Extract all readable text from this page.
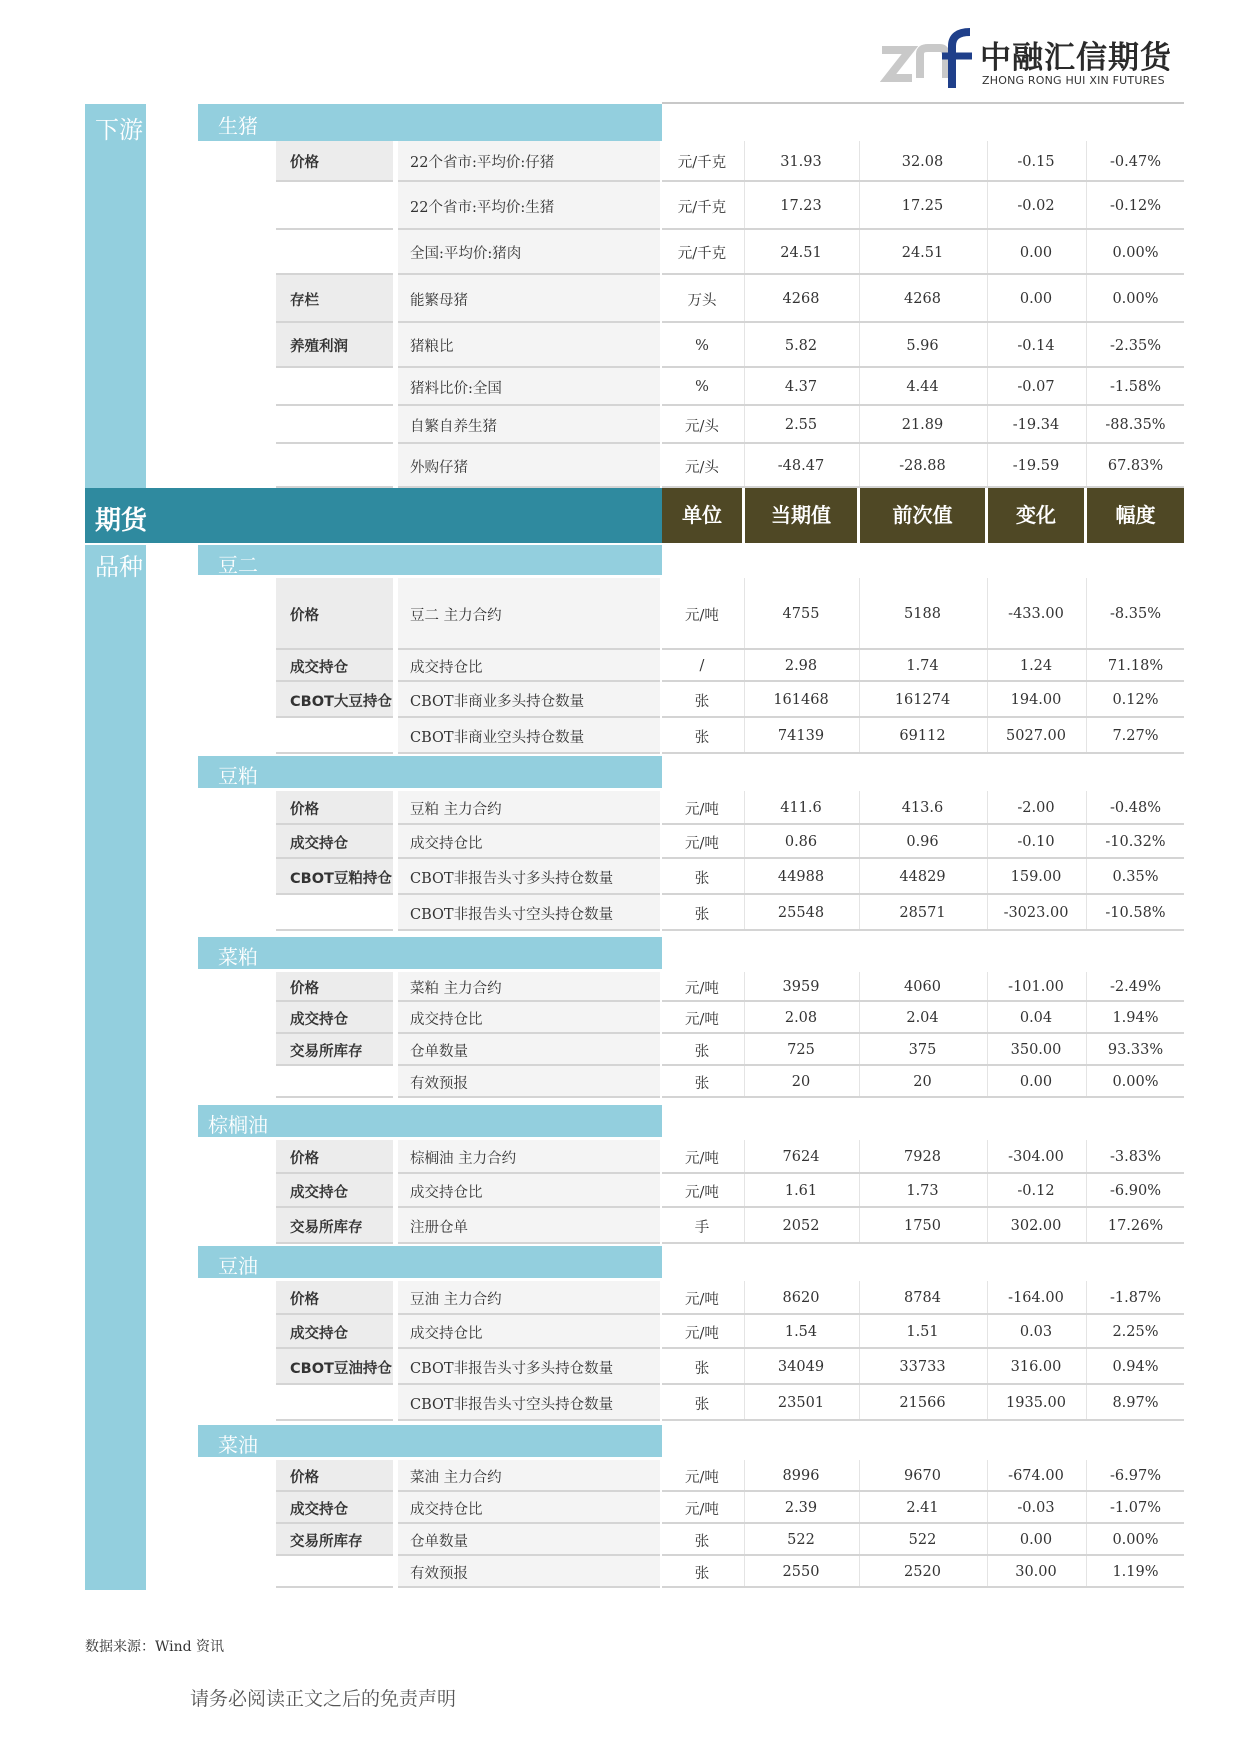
中融汇信期货
ZHONG RONG HUI XIN FUTURES
下游
期货	单位	当期值	前次值	变化	幅度
品种
生猪
豆二
豆粕
菜粕
棕榈油
豆油
菜油
价格	22个省市:平均价:仔猪	元/千克	31.93	32.08	-0.15	-0.47%
22个省市:平均价:生猪	元/千克	17.23	17.25	-0.02	-0.12%
全国:平均价:猪肉	元/千克	24.51	24.51	0.00	0.00%
存栏	能繁母猪	万头	4268	4268	0.00	0.00%
养殖利润	猪粮比	%	5.82	5.96	-0.14	-2.35%
猪料比价:全国	%	4.37	4.44	-0.07	-1.58%
自繁自养生猪	元/头	2.55	21.89	-19.34	-88.35%
外购仔猪	元/头	-48.47	-28.88	-19.59	67.83%
价格	豆二 主力合约	元/吨	4755	5188	-433.00	-8.35%
成交持仓	成交持仓比	/	2.98	1.74	1.24	71.18%
CBOT大豆持仓	CBOT非商业多头持仓数量	张	161468	161274	194.00	0.12%
CBOT非商业空头持仓数量	张	74139	69112	5027.00	7.27%
价格	豆粕 主力合约	元/吨	411.6	413.6	-2.00	-0.48%
成交持仓	成交持仓比	元/吨	0.86	0.96	-0.10	-10.32%
CBOT豆粕持仓	CBOT非报告头寸多头持仓数量	张	44988	44829	159.00	0.35%
CBOT非报告头寸空头持仓数量	张	25548	28571	-3023.00	-10.58%
价格	菜粕 主力合约	元/吨	3959	4060	-101.00	-2.49%
成交持仓	成交持仓比	元/吨	2.08	2.04	0.04	1.94%
交易所库存	仓单数量	张	725	375	350.00	93.33%
有效预报	张	20	20	0.00	0.00%
价格	棕榈油 主力合约	元/吨	7624	7928	-304.00	-3.83%
成交持仓	成交持仓比	元/吨	1.61	1.73	-0.12	-6.90%
交易所库存	注册仓单	手	2052	1750	302.00	17.26%
价格	豆油 主力合约	元/吨	8620	8784	-164.00	-1.87%
成交持仓	成交持仓比	元/吨	1.54	1.51	0.03	2.25%
CBOT豆油持仓	CBOT非报告头寸多头持仓数量	张	34049	33733	316.00	0.94%
CBOT非报告头寸空头持仓数量	张	23501	21566	1935.00	8.97%
价格	菜油 主力合约	元/吨	8996	9670	-674.00	-6.97%
成交持仓	成交持仓比	元/吨	2.39	2.41	-0.03	-1.07%
交易所库存	仓单数量	张	522	522	0.00	0.00%
有效预报	张	2550	2520	30.00	1.19%
数据来源：Wind 资讯
请务必阅读正文之后的免责声明
